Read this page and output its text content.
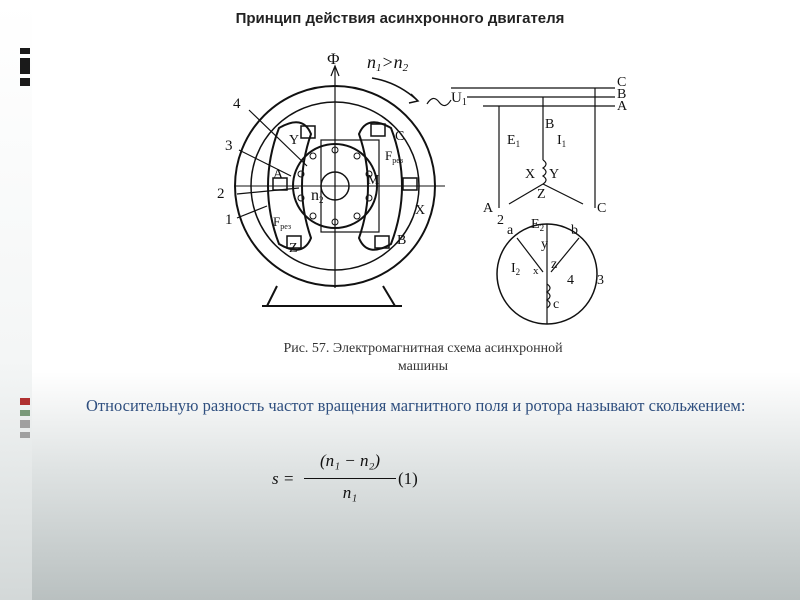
Принцип действия асинхронного двигателя
Ф n1>n2
$U_1$
C
B
A
4
3
2
1
Y	C
A
X
Z
B
$F_{рез}$
$F_{рез}$
M
n2
B
$E_1$	$I_1$
X Y
Z
A	C
2
a $E_2$ b
y
$I_2$ x z
4 3
c
Рис. 57. Электромагнитная схема асинхронной
машины
Относительную разность частот вращения магнитного поля и ротора называют скольжением:
s =
(n₁ − n₂)
n₁
(1)
